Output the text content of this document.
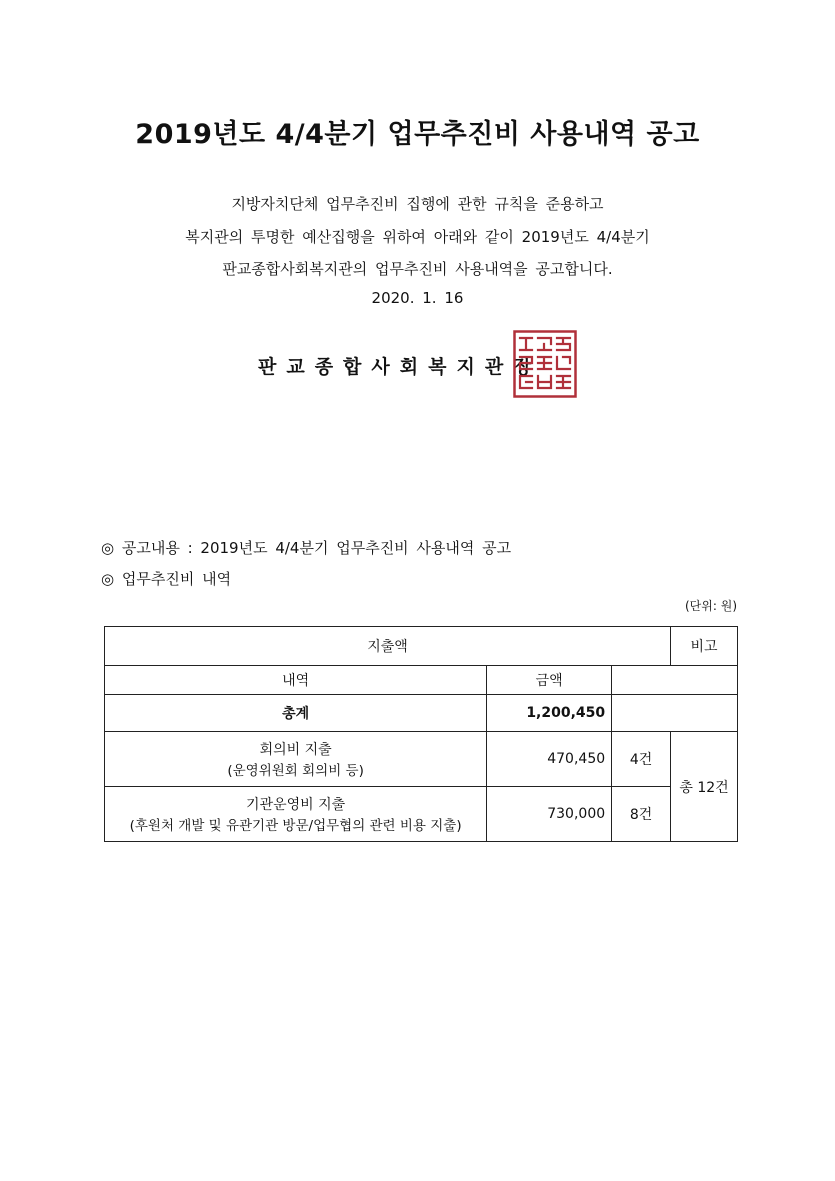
2019년도 4/4분기 업무추진비 사용내역 공고
지방자치단체 업무추진비 집행에 관한 규칙을 준용하고
복지관의 투명한 예산집행을 위하여 아래와 같이 2019년도 4/4분기
판교종합사회복지관의 업무추진비 사용내역을 공고합니다.
2020. 1. 16
판교종합사회복지관장
◎ 공고내용 : 2019년도 4/4분기 업무추진비 사용내역 공고
◎ 업무추진비 내역
(단위: 원)
지출액			비고
내역	금액		
총계	1,200,450		

회의비 지출
(운영위원회 회의비 등)	470,450	4건	총 12건

기관운영비 지출
(후원처 개발 및 유관기관 방문/업무협의 관련 비용 지출)	730,000	8건	
